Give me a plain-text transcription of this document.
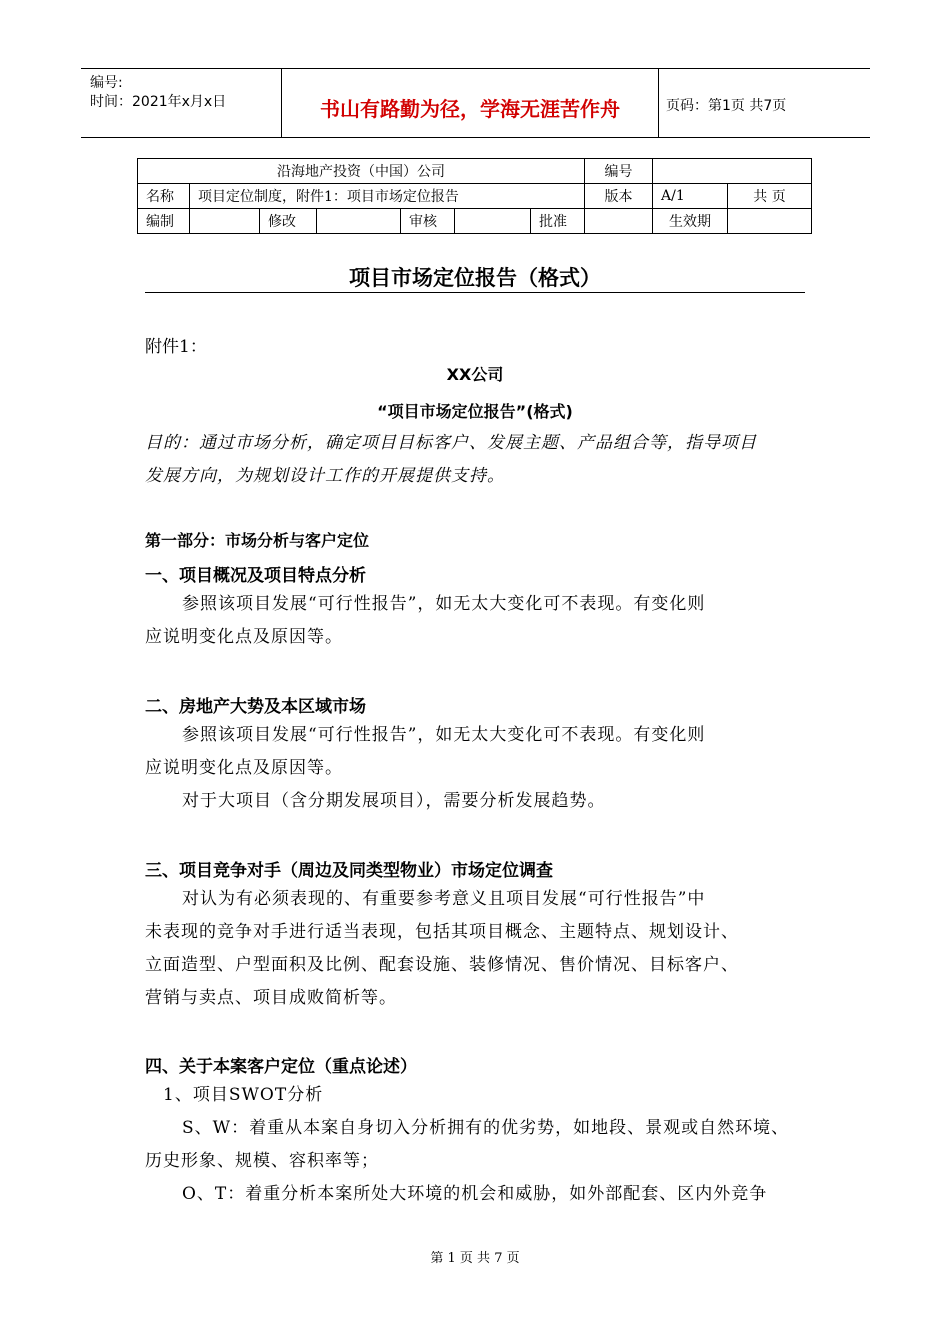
编号:
时间：2021年x月x日	书山有路勤为径，学海无涯苦作舟	页码：第1页 共7页
沿海地产投资（中国）公司							编号		
名称	项目定位制度，附件1：项目市场定位报告						版本	A/1	共 页
编制		修改		审核		批准		生效期	
项目市场定位报告（格式）
附件1：
XX公司
“项目市场定位报告”(格式)
目的：通过市场分析，确定项目目标客户、发展主题、产品组合等，指导项目
发展方向，为规划设计工作的开展提供支持。
第一部分：市场分析与客户定位
一、项目概况及项目特点分析
参照该项目发展“可行性报告”，如无太大变化可不表现。有变化则
应说明变化点及原因等。
二、房地产大势及本区域市场
参照该项目发展“可行性报告”，如无太大变化可不表现。有变化则
应说明变化点及原因等。
对于大项目（含分期发展项目），需要分析发展趋势。
三、项目竞争对手（周边及同类型物业）市场定位调查
对认为有必须表现的、有重要参考意义且项目发展“可行性报告”中
未表现的竞争对手进行适当表现，包括其项目概念、主题特点、规划设计、
立面造型、户型面积及比例、配套设施、装修情况、售价情况、目标客户、
营销与卖点、项目成败简析等。
四、关于本案客户定位（重点论述）
1、项目SWOT分析
S、W：着重从本案自身切入分析拥有的优劣势，如地段、景观或自然环境、
历史形象、规模、容积率等；
O、T：着重分析本案所处大环境的机会和威胁，如外部配套、区内外竞争
第 1 页 共 7 页
